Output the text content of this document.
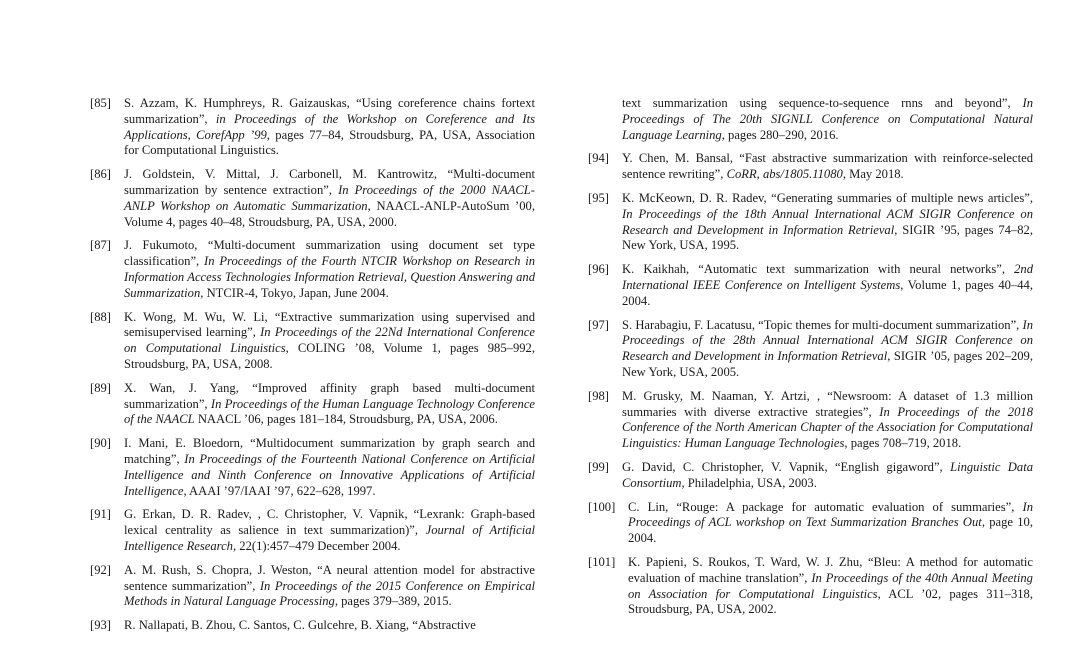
[85] S. Azzam, K. Humphreys, R. Gaizauskas, “Using coreference chains fortext summarization”, in Proceedings of the Workshop on Coreference and Its Applications, CorefApp ’99, pages 77–84, Stroudsburg, PA, USA, Association for Computational Linguistics.
[86] J. Goldstein, V. Mittal, J. Carbonell, M. Kantrowitz, “Multi-document summarization by sentence extraction”, In Proceedings of the 2000 NAACL-ANLP Workshop on Automatic Summarization, NAACL-ANLP-AutoSum ’00, Volume 4, pages 40–48, Stroudsburg, PA, USA, 2000.
[87] J. Fukumoto, “Multi-document summarization using document set type classification”, In Proceedings of the Fourth NTCIR Workshop on Research in Information Access Technologies Information Retrieval, Question Answering and Summarization, NTCIR-4, Tokyo, Japan, June 2004.
[88] K. Wong, M. Wu, W. Li, “Extractive summarization using supervised and semisupervised learning”, In Proceedings of the 22Nd International Conference on Computational Linguistics, COLING ’08, Volume 1, pages 985–992, Stroudsburg, PA, USA, 2008.
[89] X. Wan, J. Yang, “Improved affinity graph based multi-document summarization”, In Proceedings of the Human Language Technology Conference of the NAACL NAACL ’06, pages 181–184, Stroudsburg, PA, USA, 2006.
[90] I. Mani, E. Bloedorn, “Multidocument summarization by graph search and matching”, In Proceedings of the Fourteenth National Conference on Artificial Intelligence and Ninth Conference on Innovative Applications of Artificial Intelligence, AAAI ’97/IAAI ’97, 622–628, 1997.
[91] G. Erkan, D. R. Radev, , C. Christopher, V. Vapnik, “Lexrank: Graph-based lexical centrality as salience in text summarization)”, Journal of Artificial Intelligence Research, 22(1):457–479 December 2004.
[92] A. M. Rush, S. Chopra, J. Weston, “A neural attention model for abstractive sentence summarization”, In Proceedings of the 2015 Conference on Empirical Methods in Natural Language Processing, pages 379–389, 2015.
[93] R. Nallapati, B. Zhou, C. Santos, C. Gulcehre, B. Xiang, “Abstractive
text summarization using sequence-to-sequence rnns and beyond”, In Proceedings of The 20th SIGNLL Conference on Computational Natural Language Learning, pages 280–290, 2016.
[94] Y. Chen, M. Bansal, “Fast abstractive summarization with reinforce-selected sentence rewriting”, CoRR, abs/1805.11080, May 2018.
[95] K. McKeown, D. R. Radev, “Generating summaries of multiple news articles”, In Proceedings of the 18th Annual International ACM SIGIR Conference on Research and Development in Information Retrieval, SIGIR ’95, pages 74–82, New York, USA, 1995.
[96] K. Kaikhah, “Automatic text summarization with neural networks”, 2nd International IEEE Conference on Intelligent Systems, Volume 1, pages 40–44, 2004.
[97] S. Harabagiu, F. Lacatusu, “Topic themes for multi-document summarization”, In Proceedings of the 28th Annual International ACM SIGIR Conference on Research and Development in Information Retrieval, SIGIR ’05, pages 202–209, New York, USA, 2005.
[98] M. Grusky, M. Naaman, Y. Artzi, , “Newsroom: A dataset of 1.3 million summaries with diverse extractive strategies”, In Proceedings of the 2018 Conference of the North American Chapter of the Association for Computational Linguistics: Human Language Technologies, pages 708–719, 2018.
[99] G. David, C. Christopher, V. Vapnik, “English gigaword”, Linguistic Data Consortium, Philadelphia, USA, 2003.
[100] C. Lin, “Rouge: A package for automatic evaluation of summaries”, In Proceedings of ACL workshop on Text Summarization Branches Out, page 10, 2004.
[101] K. Papieni, S. Roukos, T. Ward, W. J. Zhu, “Bleu: A method for automatic evaluation of machine translation”, In Proceedings of the 40th Annual Meeting on Association for Computational Linguistics, ACL ’02, pages 311–318, Stroudsburg, PA, USA, 2002.
